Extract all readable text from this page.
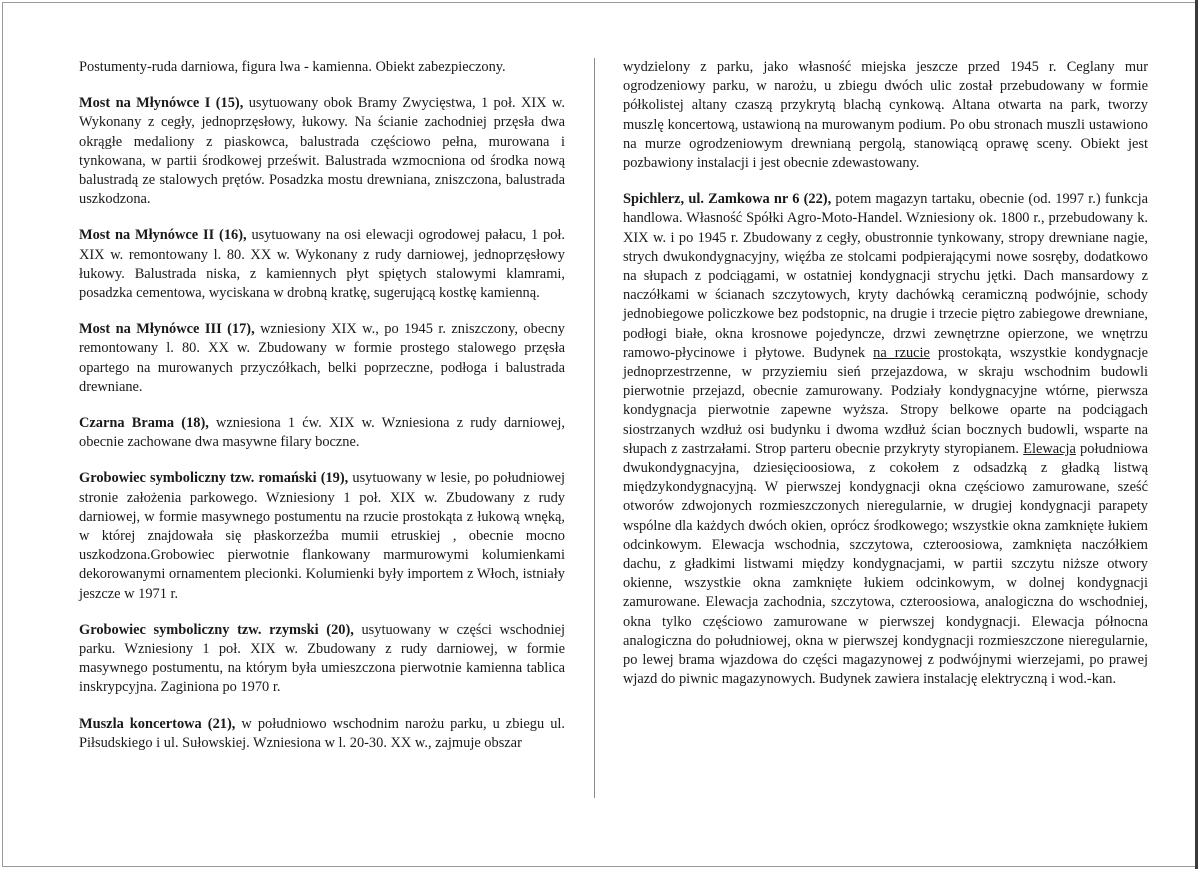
Postumenty-ruda darniowa, figura lwa - kamienna. Obiekt zabezpieczony.

Most na Młynówce I (15), usytuowany obok Bramy Zwycięstwa, 1 poł. XIX w. Wykonany z cegły, jednoprzęsłowy, łukowy. Na ścianie zachodniej przęsła dwa okrągłe medaliony z piaskowca, balustrada częściowo pełna, murowana i tynkowana, w partii środkowej prześwit. Balustrada wzmocniona od środka nową balustradą ze stalowych prętów. Posadzka mostu drewniana, zniszczona, balustrada uszkodzona.

Most na Młynówce II (16), usytuowany na osi elewacji ogrodowej pałacu, 1 poł. XIX w. remontowany l. 80. XX w. Wykonany z rudy darniowej, jednoprzęsłowy łukowy. Balustrada niska, z kamiennych płyt spiętych stalowymi klamrami, posadzka cementowa, wyciskana w drobną kratkę, sugerującą kostkę kamienną.

Most na Młynówce III (17), wzniesiony XIX w., po 1945 r. zniszczony, obecny remontowany l. 80. XX w. Zbudowany w formie prostego stalowego przęsła opartego na murowanych przyczółkach, belki poprzeczne, podłoga i balustrada drewniane.

Czarna Brama (18), wzniesiona 1 ćw. XIX w. Wzniesiona z rudy darniowej, obecnie zachowane dwa masywne filary boczne.

Grobowiec symboliczny tzw. romański (19), usytuowany w lesie, po południowej stronie założenia parkowego. Wzniesiony 1 poł. XIX w. Zbudowany z rudy darniowej, w formie masywnego postumentu na rzucie prostokąta z łukową wnęką, w której znajdowała się płaskorzeźba mumii etruskiej , obecnie mocno uszkodzona.Grobowiec pierwotnie flankowany marmurowymi kolumienkami dekorowanymi ornamentem plecionki. Kolumienki były importem z Włoch, istniały jeszcze w 1971 r.

Grobowiec symboliczny tzw. rzymski (20), usytuowany w części wschodniej parku. Wzniesiony 1 poł. XIX w. Zbudowany z rudy darniowej, w formie masywnego postumentu, na którym była umieszczona pierwotnie kamienna tablica inskrypcyjna. Zaginiona po 1970 r.

Muszla koncertowa (21), w południowo wschodnim narożu parku, u zbiegu ul. Piłsudskiego i ul. Sułowskiej. Wzniesiona w l. 20-30. XX w., zajmuje obszar

wydzielony z parku, jako własność miejska jeszcze przed 1945 r. Ceglany mur ogrodzeniowy parku, w narożu, u zbiegu dwóch ulic został przebudowany w formie półkolistej altany czaszą przykrytą blachą cynkową. Altana otwarta na park, tworzy muszlę koncertową, ustawioną na murowanym podium. Po obu stronach muszli ustawiono na murze ogrodzeniowym drewnianą pergolą, stanowiącą oprawę sceny. Obiekt jest pozbawiony instalacji i jest obecnie zdewastowany.

Spichlerz, ul. Zamkowa nr 6 (22), potem magazyn tartaku, obecnie (od. 1997 r.) funkcja handlowa. Własność Spółki Agro-Moto-Handel. Wzniesiony ok. 1800 r., przebudowany k. XIX w. i po 1945 r. Zbudowany z cegły, obustronnie tynkowany, stropy drewniane nagie, strych dwukondygnacyjny, więźba ze stolcami podpierającymi nowe sosręby, dodatkowo na słupach z podciągami, w ostatniej kondygnacji strychu jętki. Dach mansardowy z naczółkami w ścianach szczytowych, kryty dachówką ceramiczną podwójnie, schody jednobiegowe policzkowe bez podstopnic, na drugie i trzecie piętro zabiegowe drewniane, podłogi białe, okna krosnowe pojedyncze, drzwi zewnętrzne opierzone, we wnętrzu ramowo-płycinowe i płytowe. Budynek na rzucie prostokąta, wszystkie kondygnacje jednoprzestrzenne, w przyziemiu sień przejazdowa, w skraju wschodnim budowli pierwotnie przejazd, obecnie zamurowany. Podziały kondygnacyjne wtórne, pierwsza kondygnacja pierwotnie zapewne wyższa. Stropy belkowe oparte na podciągach siostrzanych wzdłuż osi budynku i dwoma wzdłuż ścian bocznych budowli, wsparte na słupach z zastrzałami. Strop parteru obecnie przykryty styropianem. Elewacja południowa dwukondygnacyjna, dziesięcioosiowa, z cokołem z odsadzką z gładką listwą międzykondygnacyjną. W pierwszej kondygnacji okna częściowo zamurowane, sześć otworów zdwojonych rozmieszczonych nieregularnie, w drugiej kondygnacji parapety wspólne dla każdych dwóch okien, oprócz środkowego; wszystkie okna zamknięte łukiem odcinkowym. Elewacja wschodnia, szczytowa, czteroosiowa, zamknięta naczółkiem dachu, z gładkimi listwami między kondygnacjami, w partii szczytu niższe otwory okienne, wszystkie okna zamknięte łukiem odcinkowym, w dolnej kondygnacji zamurowane. Elewacja zachodnia, szczytowa, czteroosiowa, analogiczna do wschodniej, okna tylko częściowo zamurowane w pierwszej kondygnacji. Elewacja północna analogiczna do południowej, okna w pierwszej kondygnacji rozmieszczone nieregularnie, po lewej brama wjazdowa do części magazynowej z podwójnymi wierzejami, po prawej wjazd do piwnic magazynowych. Budynek zawiera instalację elektryczną i wod.-kan.
